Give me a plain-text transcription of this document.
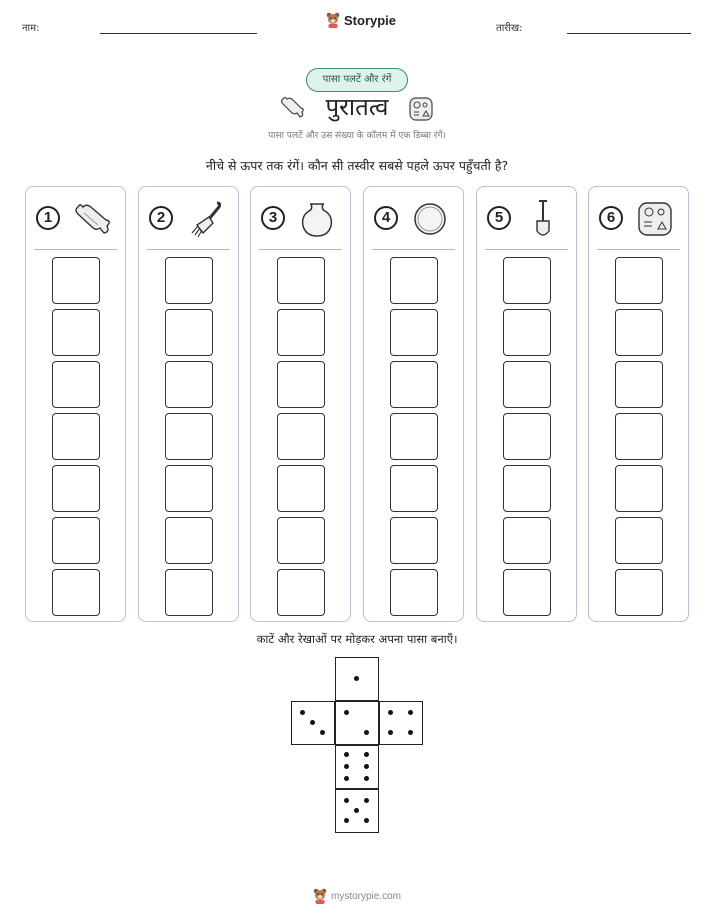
नाम:
Storypie
तारीख:
पासा पलटें और रंगें
पुरातत्व
पासा पलटें और उस संख्या के कॉलम में एक डिब्बा रंगें।
नीचे से ऊपर तक रंगें। कौन सी तस्वीर सबसे पहले ऊपर पहुँचती है?
1	2	3	4	5	6
काटें और रेखाओं पर मोड़कर अपना पासा बनाएँ।
mystorypie.com
